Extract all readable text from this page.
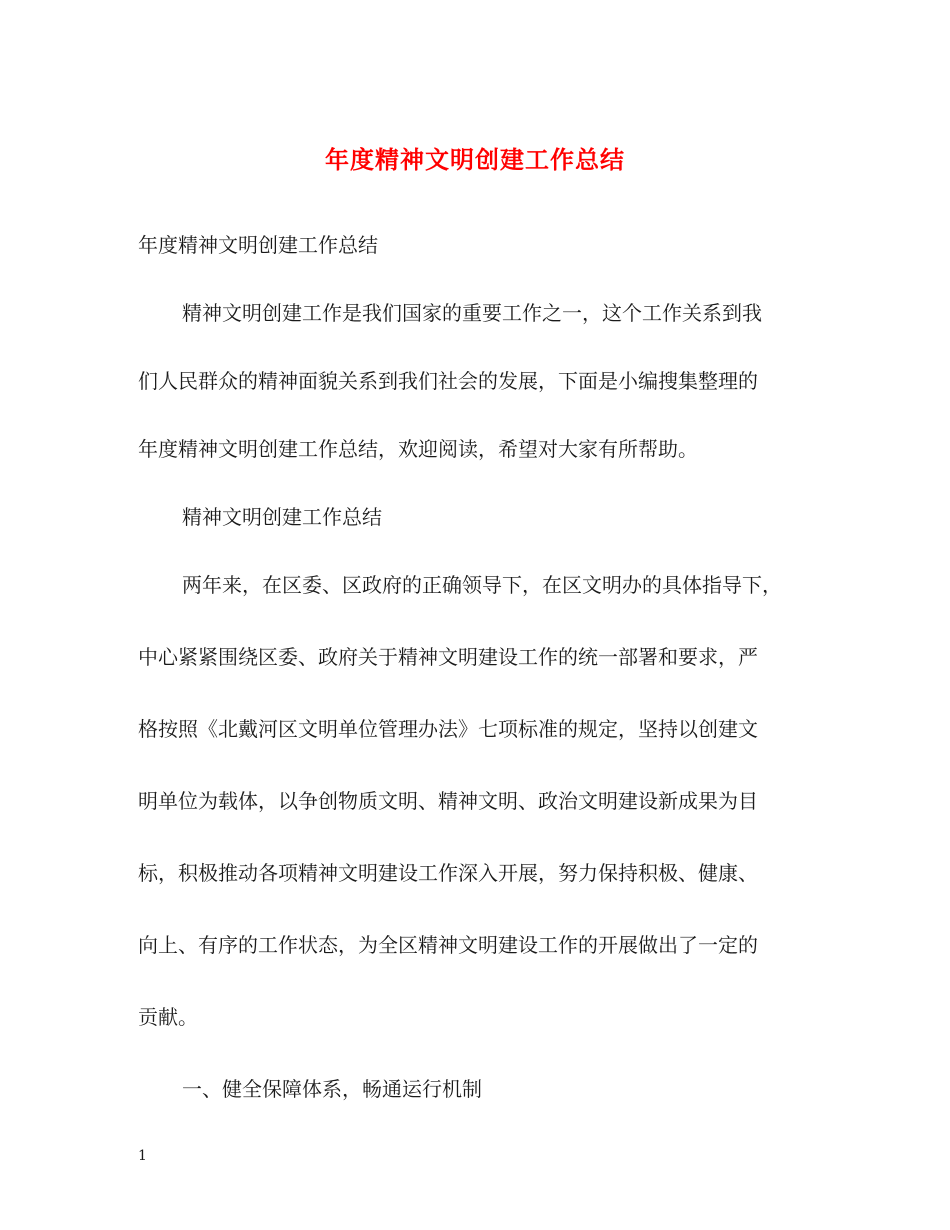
年度精神文明创建工作总结
年度精神文明创建工作总结
精神文明创建工作是我们国家的重要工作之一，这个工作关系到我
们人民群众的精神面貌关系到我们社会的发展，下面是小编搜集整理的
年度精神文明创建工作总结，欢迎阅读，希望对大家有所帮助。
精神文明创建工作总结
两年来，在区委、区政府的正确领导下，在区文明办的具体指导下，
中心紧紧围绕区委、政府关于精神文明建设工作的统一部署和要求，严
格按照《北戴河区文明单位管理办法》七项标准的规定，坚持以创建文
明单位为载体，以争创物质文明、精神文明、政治文明建设新成果为目
标，积极推动各项精神文明建设工作深入开展，努力保持积极、健康、
向上、有序的工作状态，为全区精神文明建设工作的开展做出了一定的
贡献。
一、健全保障体系，畅通运行机制
1
